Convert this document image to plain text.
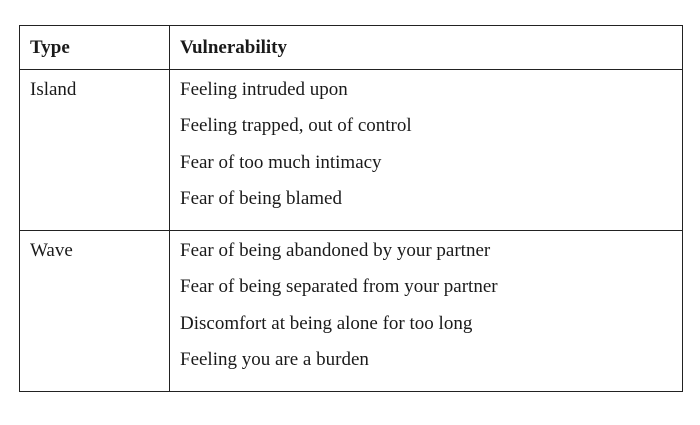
Type	Vulnerability
Island	Feeling intruded upon
Feeling trapped, out of control
Fear of too much intimacy
Fear of being blamed

Wave	Fear of being abandoned by your partner
Fear of being separated from your partner
Discomfort at being alone for too long
Feeling you are a burden
